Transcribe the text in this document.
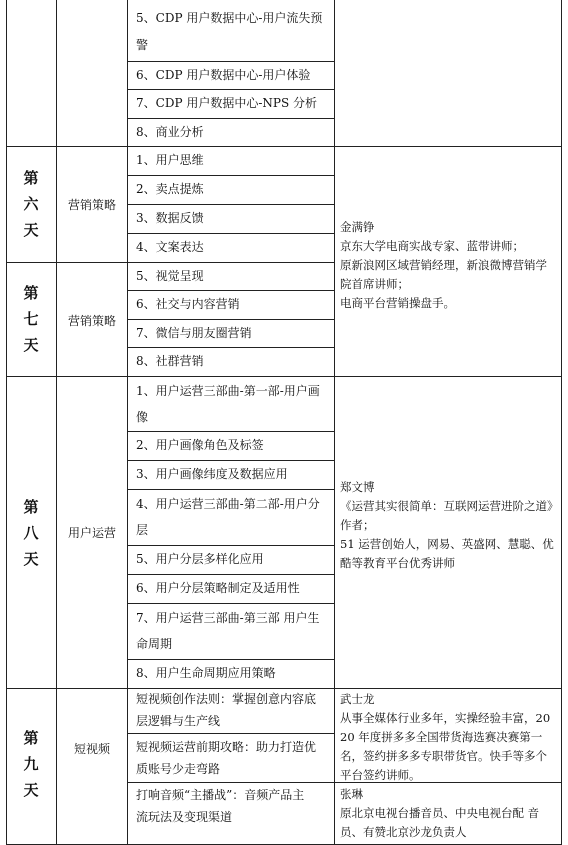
5、CDP 用户数据中心-用户流失预
警
6、CDP 用户数据中心-用户体验
7、CDP 用户数据中心-NPS 分析
8、商业分析
第
六
天
营销策略
1、用户思维
2、卖点提炼
3、数据反馈
4、文案表达
第
七
天
营销策略
5、视觉呈现
6、社交与内容营销
7、微信与朋友圈营销
8、社群营销
金满铮
京东大学电商实战专家、蓝带讲师；
原新浪网区域营销经理，新浪微博营销学院首席讲师；
电商平台营销操盘手。
第
八
天
用户运营
1、用户运营三部曲-第一部-用户画
像
2、用户画像角色及标签
3、用户画像纬度及数据应用
4、用户运营三部曲-第二部-用户分
层
5、用户分层多样化应用
6、用户分层策略制定及适用性
7、用户运营三部曲-第三部 用户生
命周期
8、用户生命周期应用策略
郑文博
《运营其实很简单：互联网运营进阶之道》作者；
51 运营创始人，网易、英盛网、慧聪、优酷等教育平台优秀讲师
第
九
天
短视频
短视频创作法则：掌握创意内容底
层逻辑与生产线
短视频运营前期攻略：助力打造优
质账号少走弯路
打响音频“主播战”：音频产品主
流玩法及变现渠道
武士龙
从事全媒体行业多年，实操经验丰富，2020 年度拼多多全国带货海选赛决赛第一名，签约拼多多专职带货官。快手等多个平台签约讲师。
张琳
原北京电视台播音员、中央电视台配 音员、有赞北京沙龙负责人
